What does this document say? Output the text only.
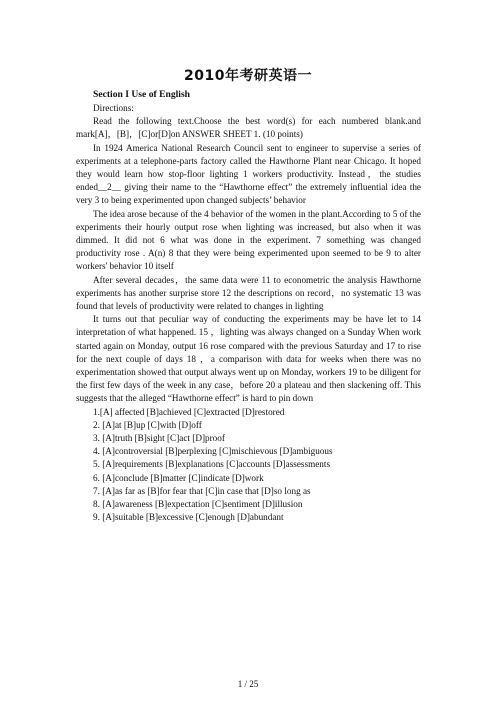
2010年考研英语一
Section I Use of English

Directions:

Read the following text.Choose the best word(s) for each numbered blank.and mark[A]，[B]，[C]or[D]on ANSWER SHEET 1. (10 points)

In 1924 America National Research Council sent to engineer to supervise a series of experiments at a telephone-parts factory called the Hawthorne Plant near Chicago. It hoped they would learn how stop-floor lighting 1 workers productivity. Instead，the studies ended__2__ giving their name to the “Hawthorne effect” the extremely influential idea the very 3 to being experimented upon changed subjects’ behavior

The idea arose because of the 4 behavior of the women in the plant.According to 5 of the experiments their hourly output rose when lighting was increased, but also when it was dimmed. It did not 6 what was done in the experiment. 7 something was changed productivity rose . A(n) 8 that they were being experimented upon seemed to be 9 to alter workers' behavior 10 itself

After several decades，the same data were 11 to econometric the analysis Hawthorne experiments has another surprise store 12 the descriptions on record，no systematic 13 was found that levels of productivity were related to changes in lighting

It turns out that peculiar way of conducting the experiments may be have let to 14 interpretation of what happened. 15 ，lighting was always changed on a Sunday When work started again on Monday, output 16 rose compared with the previous Saturday and 17 to rise for the next couple of days 18 ，a comparison with data for weeks when there was no experimentation showed that output always went up on Monday, workers 19 to be diligent for the first few days of the week in any case，before 20 a plateau and then slackening off. This suggests that the alleged “Hawthorne effect” is hard to pin down

1.[A] affected [B]achieved [C]extracted [D]restored

2. [A]at [B]up [C]with [D]off

3. [A]truth [B]sight [C]act [D]proof

4. [A]controversial [B]perplexing [C]mischievous [D]ambiguous

5. [A]requirements [B]explanations [C]accounts [D]assessments

6. [A]conclude [B]matter [C]indicate [D]work

7. [A]as far as [B]for fear that [C]in case that [D]so long as

8. [A]awareness [B]expectation [C]sentiment [D]illusion

9. [A]suitable [B]excessive [C]enough [D]abundant

1 / 25
